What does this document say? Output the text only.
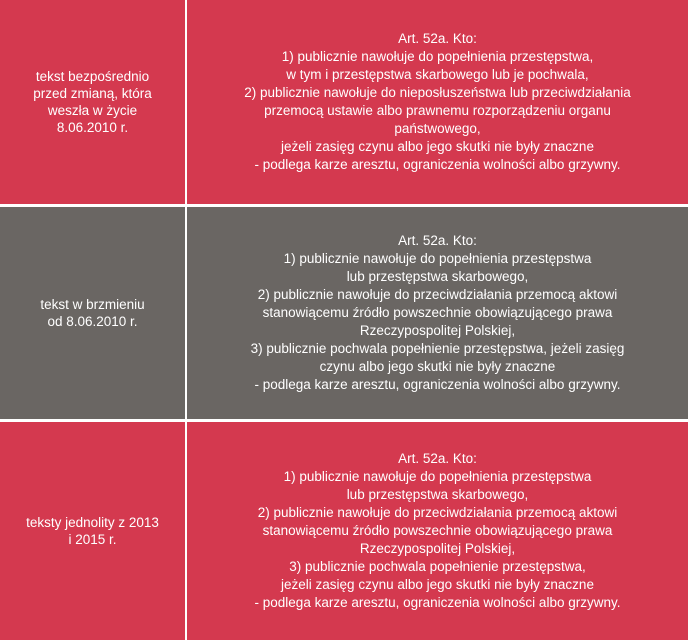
tekst bezpośrednio
przed zmianą, która
weszła w życie
8.06.2010 r.
Art. 52a. Kto:
1) publicznie nawołuje do popełnienia przestępstwa,
w tym i przestępstwa skarbowego lub je pochwala,
2) publicznie nawołuje do nieposłuszeństwa lub przeciwdziałania
przemocą ustawie albo prawnemu rozporządzeniu organu
państwowego,
jeżeli zasięg czynu albo jego skutki nie były znaczne
- podlega karze aresztu, ograniczenia wolności albo grzywny.
tekst w brzmieniu
od 8.06.2010 r.
Art. 52a. Kto:
1) publicznie nawołuje do popełnienia przestępstwa
lub przestępstwa skarbowego,
2) publicznie nawołuje do przeciwdziałania przemocą aktowi
stanowiącemu źródło powszechnie obowiązującego prawa
Rzeczypospolitej Polskiej,
3) publicznie pochwala popełnienie przestępstwa, jeżeli zasięg
czynu albo jego skutki nie były znaczne
- podlega karze aresztu, ograniczenia wolności albo grzywny.
teksty jednolity z 2013
i 2015 r.
Art. 52a. Kto:
1) publicznie nawołuje do popełnienia przestępstwa
lub przestępstwa skarbowego,
2) publicznie nawołuje do przeciwdziałania przemocą aktowi
stanowiącemu źródło powszechnie obowiązującego prawa
Rzeczypospolitej Polskiej,
3) publicznie pochwala popełnienie przestępstwa,
jeżeli zasięg czynu albo jego skutki nie były znaczne
- podlega karze aresztu, ograniczenia wolności albo grzywny.
